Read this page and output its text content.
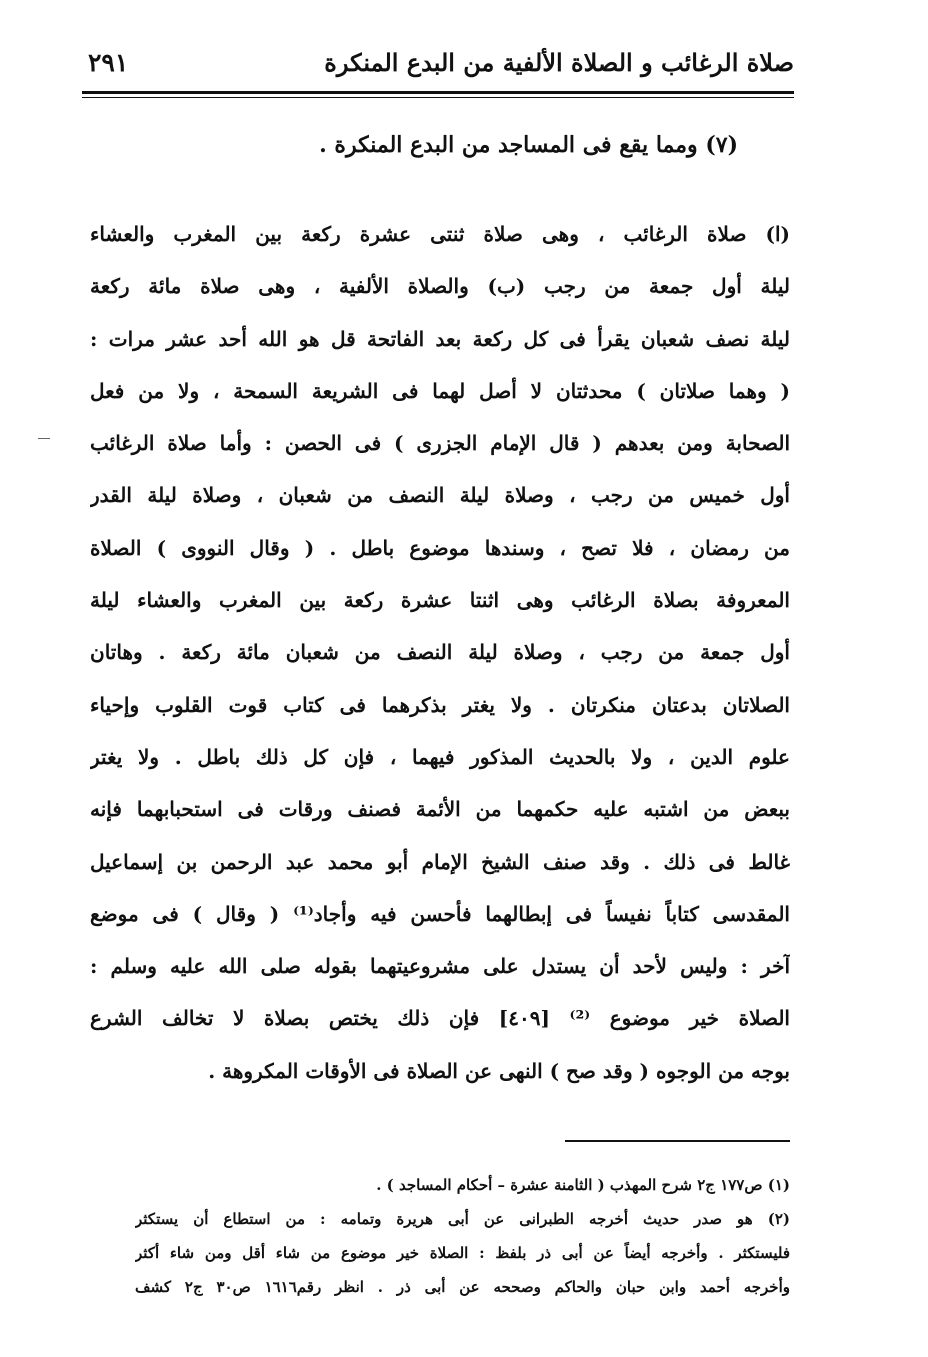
صلاة الرغائب و الصلاة الألفية من البدع المنكرة
٢٩١
(٧) ومما يقع فى المساجد من البدع المنكرة .
(ا) صلاة الرغائب ، وهى صلاة ثنتى عشرة ركعة بين المغرب والعشاء
ليلة أول جمعة من رجب (ب) والصلاة الألفية ، وهى صلاة مائة ركعة
ليلة نصف شعبان يقرأ فى كل ركعة بعد الفاتحة قل هو الله أحد عشر مرات :
( وهما صلاتان ) محدثتان لا أصل لهما فى الشريعة السمحة ، ولا من فعل
الصحابة ومن بعدهم ( قال الإمام الجزرى ) فى الحصن : وأما صلاة الرغائب
أول خميس من رجب ، وصلاة ليلة النصف من شعبان ، وصلاة ليلة القدر
من رمضان ، فلا تصح ، وسندها موضوع باطل . ( وقال النووى ) الصلاة
المعروفة بصلاة الرغائب وهى اثنتا عشرة ركعة بين المغرب والعشاء ليلة
أول جمعة من رجب ، وصلاة ليلة النصف من شعبان مائة ركعة . وهاتان
الصلاتان بدعتان منكرتان . ولا يغتر بذكرهما فى كتاب قوت القلوب وإحياء
علوم الدين ، ولا بالحديث المذكور فيهما ، فإن كل ذلك باطل . ولا يغتر
ببعض من اشتبه عليه حكمهما من الأئمة فصنف ورقات فى استحبابهما فإنه
غالط فى ذلك . وقد صنف الشيخ الإمام أبو محمد عبد الرحمن بن إسماعيل
المقدسى كتاباً نفيساً فى إبطالهما فأحسن فيه وأجاد⁽¹⁾ ( وقال ) فى موضع
آخر : وليس لأحد أن يستدل على مشروعيتهما بقوله صلى الله عليه وسلم :
الصلاة خير موضوع ⁽²⁾ [٤٠٩] فإن ذلك يختص بصلاة لا تخالف الشرع
بوجه من الوجوه ( وقد صح ) النهى عن الصلاة فى الأوقات المكروهة .
(١) ص١٧٧ ج٢ شرح المهذب ( الثامنة عشرة – أحكام المساجد ) .
(٢) هو صدر حديث أخرجه الطبرانى عن أبى هريرة وتمامه : من استطاع أن يستكثر
فليستكثر . وأخرجه أيضاً عن أبى ذر بلفظ : الصلاة خير موضوع من شاء أقل ومن شاء أكثر
وأخرجه أحمد وابن حبان والحاكم وصححه عن أبى ذر . انظر رقم١٦١٦ ص٣٠ ج٢ كشف
